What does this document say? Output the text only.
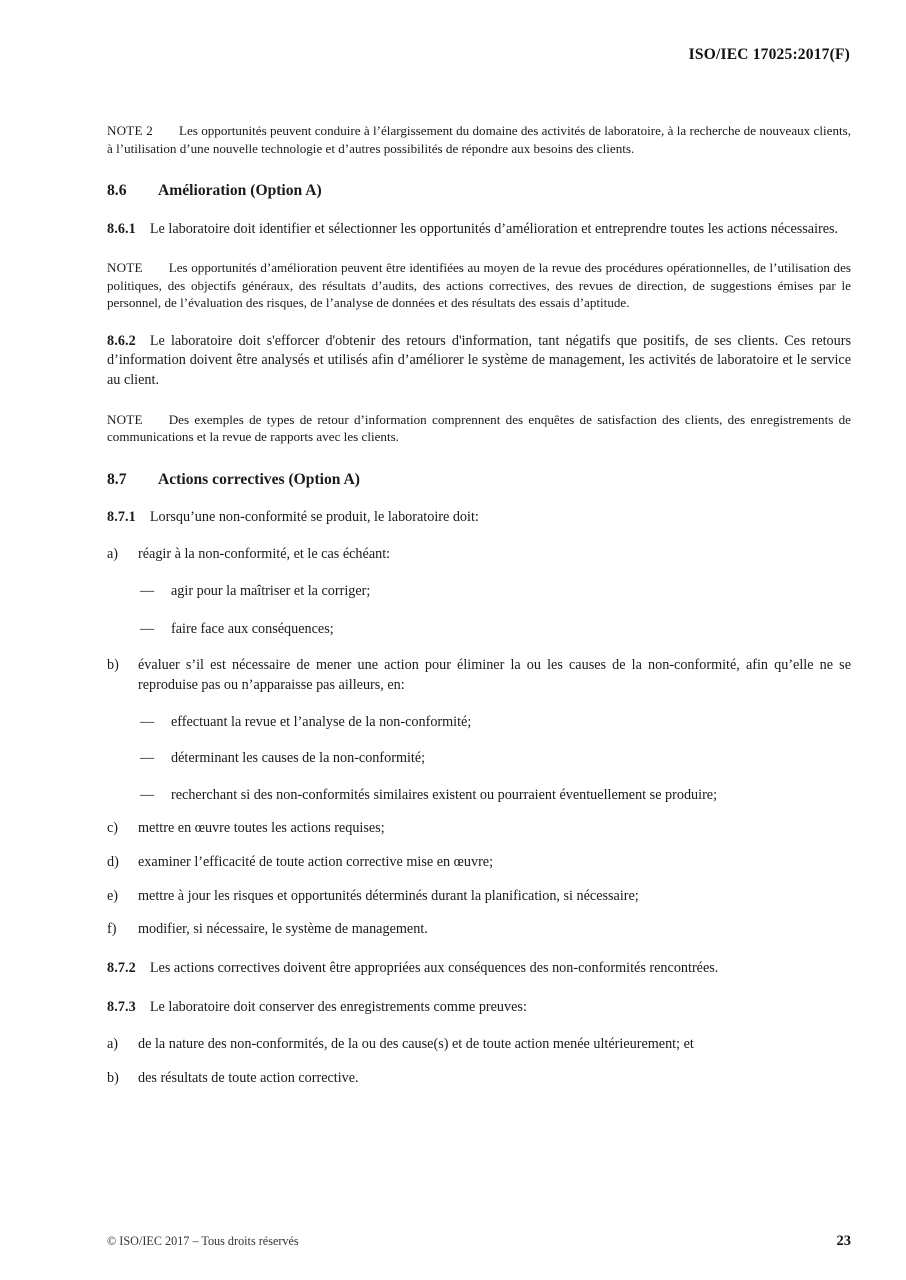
ISO/IEC 17025:2017(F)

NOTE 2 Les opportunités peuvent conduire à l’élargissement du domaine des activités de laboratoire, à la recherche de nouveaux clients, à l’utilisation d’une nouvelle technologie et d’autres possibilités de répondre aux besoins des clients.

8.6	Amélioration (Option A)

8.6.1 Le laboratoire doit identifier et sélectionner les opportunités d’amélioration et entreprendre toutes les actions nécessaires.

NOTE Les opportunités d’amélioration peuvent être identifiées au moyen de la revue des procédures opérationnelles, de l’utilisation des politiques, des objectifs généraux, des résultats d’audits, des actions correctives, des revues de direction, de suggestions émises par le personnel, de l’évaluation des risques, de l’analyse de données et des résultats des essais d’aptitude.

8.6.2 Le laboratoire doit s'efforcer d'obtenir des retours d'information, tant négatifs que positifs, de ses clients. Ces retours d’information doivent être analysés et utilisés afin d’améliorer le système de management, les activités de laboratoire et le service au client.

NOTE Des exemples de types de retour d’information comprennent des enquêtes de satisfaction des clients, des enregistrements de communications et la revue de rapports avec les clients.

8.7	Actions correctives (Option A)

8.7.1 Lorsqu’une non-conformité se produit, le laboratoire doit:

a)	réagir à la non-conformité, et le cas échéant:
—	agir pour la maîtriser et la corriger;
—	faire face aux conséquences;
b)	évaluer s’il est nécessaire de mener une action pour éliminer la ou les causes de la non-conformité, afin qu’elle ne se reproduise pas ou n’apparaisse pas ailleurs, en:
—	effectuant la revue et l’analyse de la non-conformité;
—	déterminant les causes de la non-conformité;
—	recherchant si des non-conformités similaires existent ou pourraient éventuellement se produire;
c)	mettre en œuvre toutes les actions requises;
d)	examiner l’efficacité de toute action corrective mise en œuvre;
e)	mettre à jour les risques et opportunités déterminés durant la planification, si nécessaire;
f)	modifier, si nécessaire, le système de management.

8.7.2 Les actions correctives doivent être appropriées aux conséquences des non-conformités rencontrées.

8.7.3 Le laboratoire doit conserver des enregistrements comme preuves:

a)	de la nature des non-conformités, de la ou des cause(s) et de toute action menée ultérieurement; et
b)	des résultats de toute action corrective.
© ISO/IEC 2017 – Tous droits réservés	23
